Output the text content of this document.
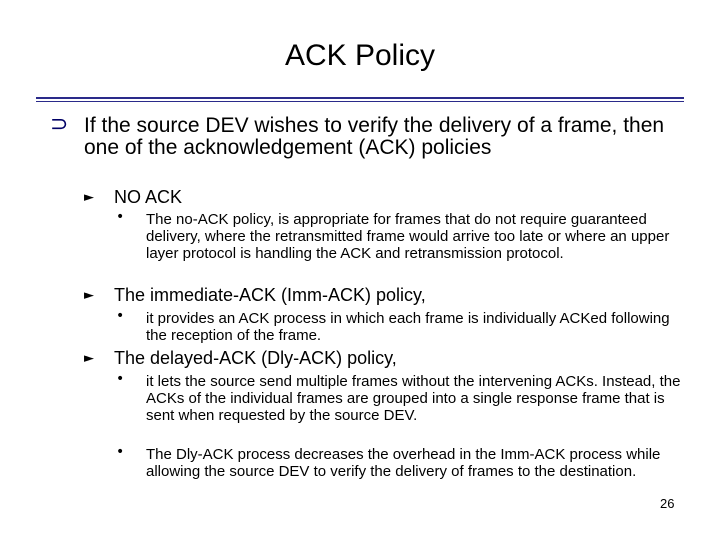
ACK Policy
⊃ If the source DEV wishes to verify the delivery of a frame, then one of the acknowledgement (ACK) policies
► NO ACK
• The no-ACK policy, is appropriate for frames that do not require guaranteed delivery, where the retransmitted frame would arrive too late or where an upper layer protocol is handling the ACK and retransmission protocol.
► The immediate-ACK (Imm-ACK) policy,
• it provides an ACK process in which each frame is individually ACKed following the reception of the frame.
► The delayed-ACK (Dly-ACK) policy,
• it lets the source send multiple frames without the intervening ACKs. Instead, the ACKs of the individual frames are grouped into a single response frame that is sent when requested by the source DEV.
• The Dly-ACK process decreases the overhead in the Imm-ACK process while allowing the source DEV to verify the delivery of frames to the destination.
26
